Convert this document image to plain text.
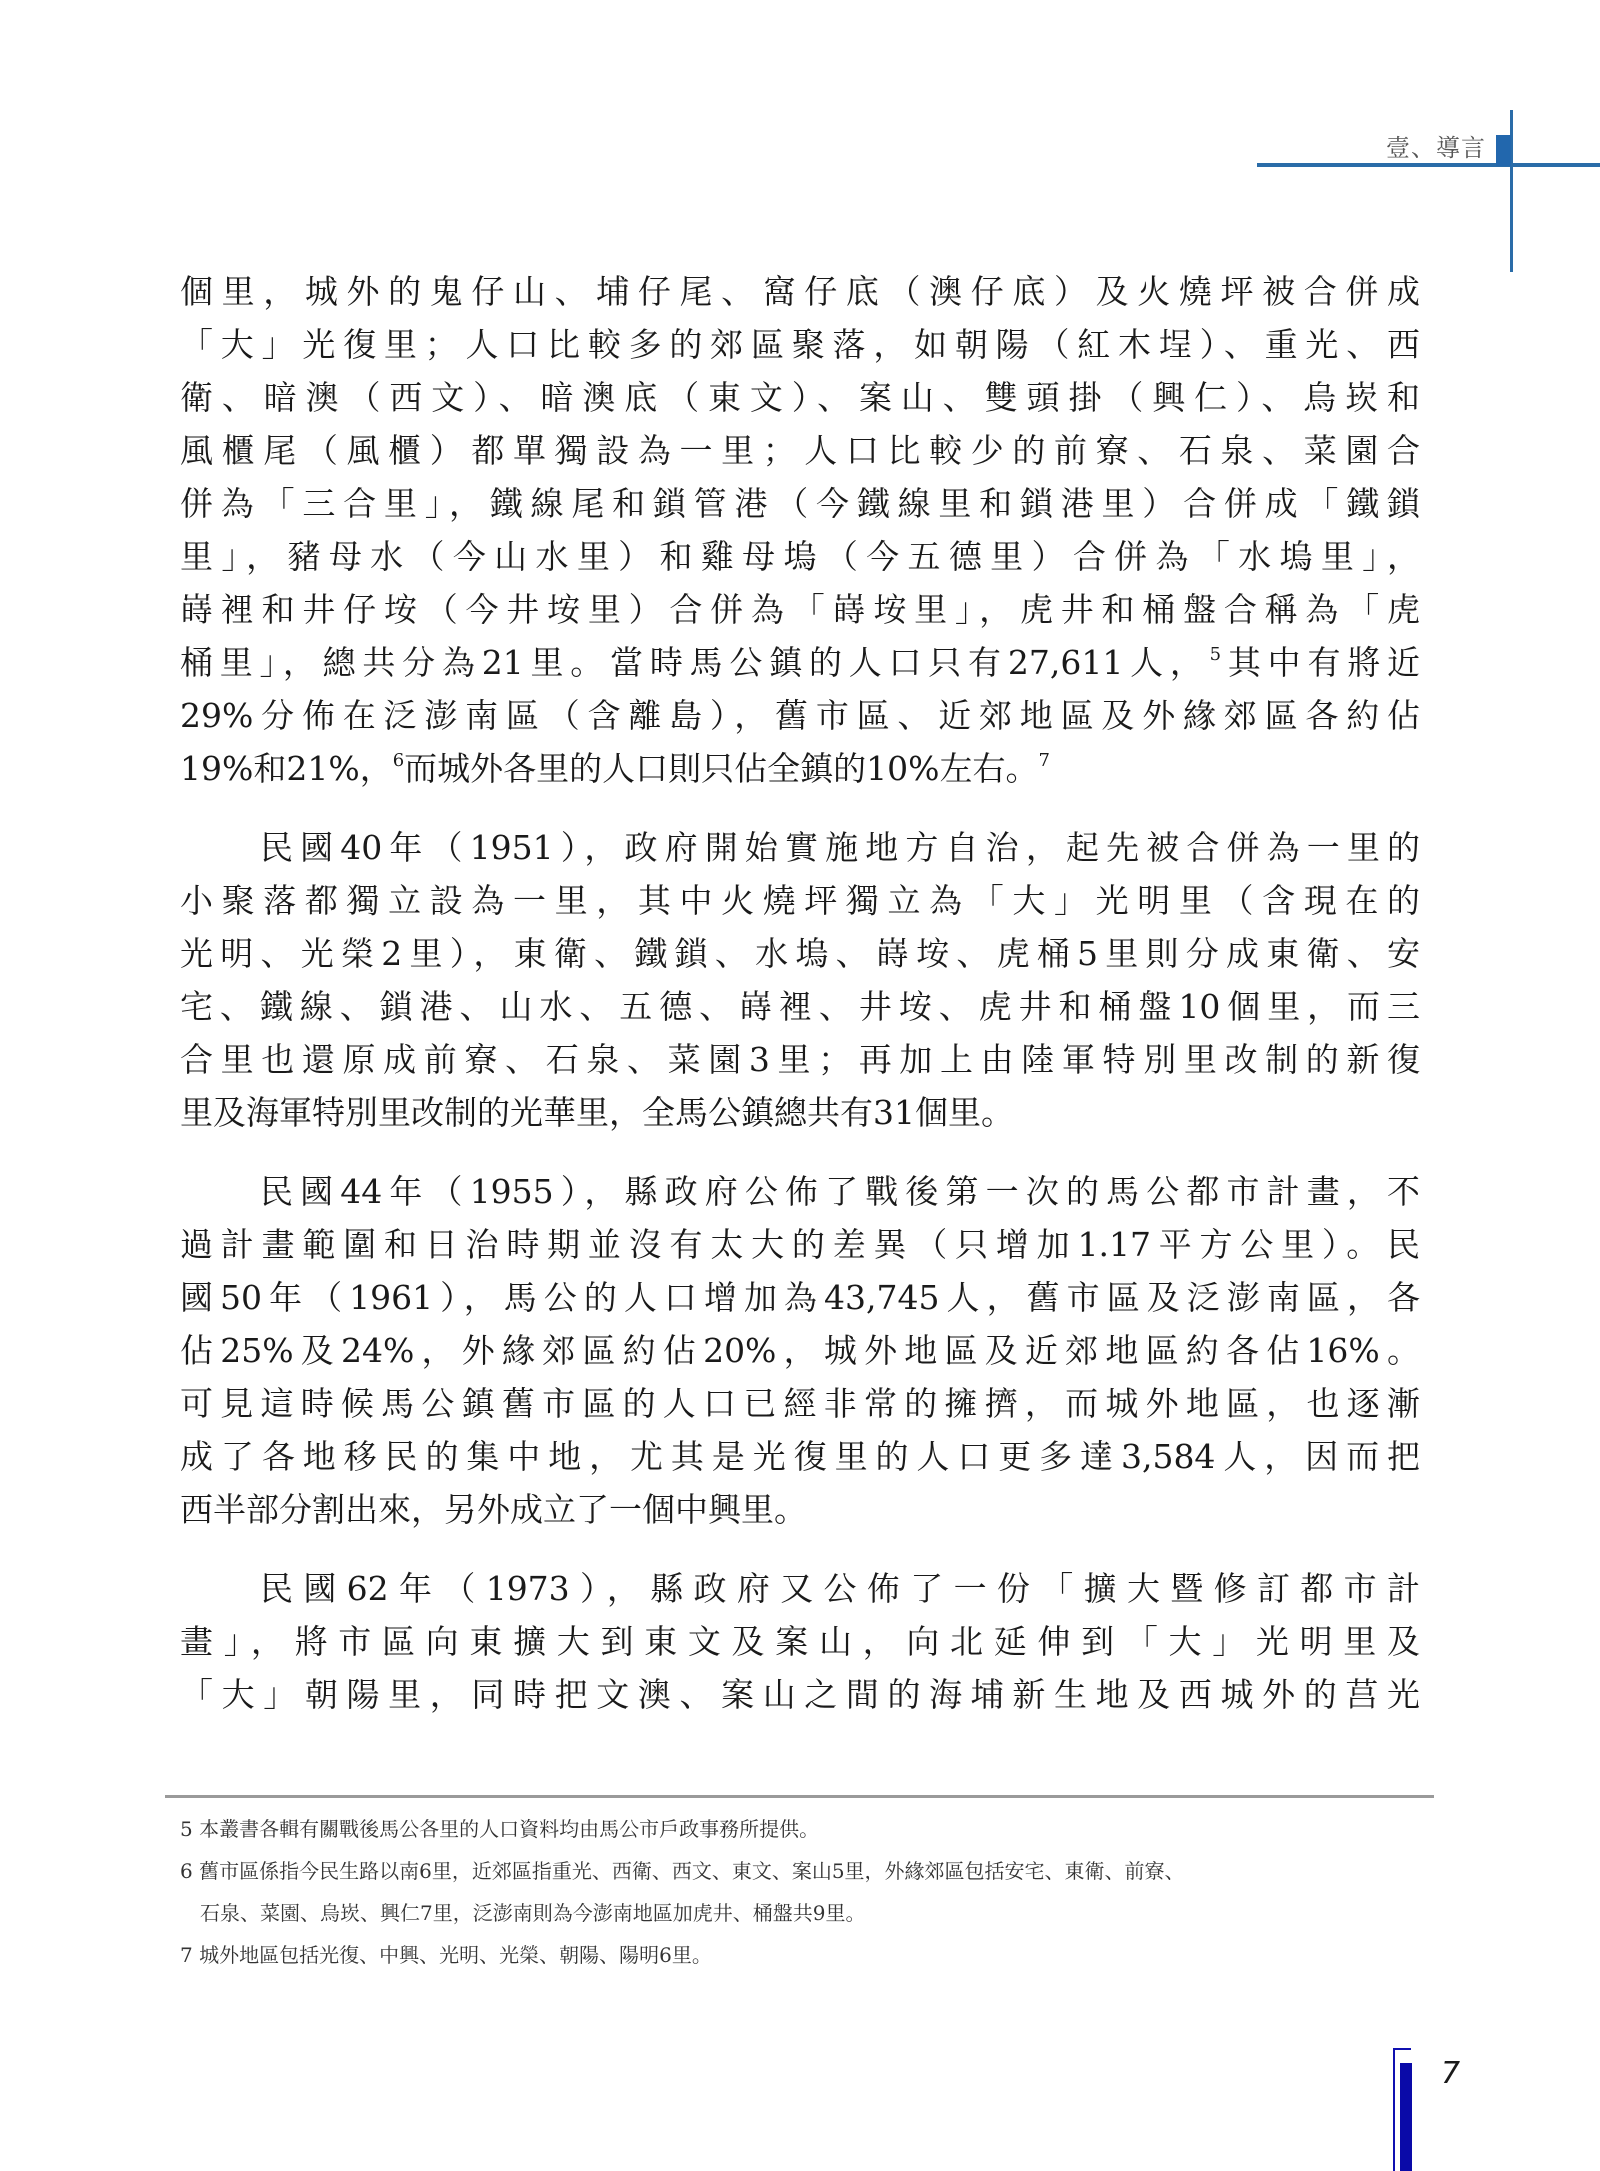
壹、導言
個里，城外的鬼仔山、埔仔尾、窩仔底（澳仔底）及火燒坪被合併成
「大」光復里；人口比較多的郊區聚落，如朝陽（紅木埕）、重光、西
衛、暗澳（西文）、暗澳底（東文）、案山、雙頭掛（興仁）、烏崁和
風櫃尾（風櫃）都單獨設為一里；人口比較少的前寮、石泉、菜園合
併為「三合里」，鐵線尾和鎖管港（今鐵線里和鎖港里）合併成「鐵鎖
里」，豬母水（今山水里）和雞母塢（今五德里）合併為「水塢里」，
嵵裡和井仔垵（今井垵里）合併為「嵵垵里」，虎井和桶盤合稱為「虎
桶里」，總共分為21里。當時馬公鎮的人口只有27,611人，$^5$其中有將近
29%分佈在泛澎南區（含離島），舊市區、近郊地區及外緣郊區各約佔
19%和21%，$^6$而城外各里的人口則只佔全鎮的10%左右。$^7$
民國40年（1951），政府開始實施地方自治，起先被合併為一里的
小聚落都獨立設為一里，其中火燒坪獨立為「大」光明里（含現在的
光明、光榮2里），東衛、鐵鎖、水塢、嵵垵、虎桶5里則分成東衛、安
宅、鐵線、鎖港、山水、五德、嵵裡、井垵、虎井和桶盤10個里，而三
合里也還原成前寮、石泉、菜園3里；再加上由陸軍特別里改制的新復
里及海軍特別里改制的光華里，全馬公鎮總共有31個里。
民國44年（1955），縣政府公佈了戰後第一次的馬公都市計畫，不
過計畫範圍和日治時期並沒有太大的差異（只增加1.17平方公里）。民
國50年（1961），馬公的人口增加為43,745人，舊市區及泛澎南區，各
佔25%及24%，外緣郊區約佔20%，城外地區及近郊地區約各佔16%。
可見這時候馬公鎮舊市區的人口已經非常的擁擠，而城外地區，也逐漸
成了各地移民的集中地，尤其是光復里的人口更多達3,584人，因而把
西半部分割出來，另外成立了一個中興里。
民國62年（1973），縣政府又公佈了一份「擴大暨修訂都市計
畫」，將市區向東擴大到東文及案山，向北延伸到「大」光明里及
「大」朝陽里，同時把文澳、案山之間的海埔新生地及西城外的莒光
5 本叢書各輯有關戰後馬公各里的人口資料均由馬公市戶政事務所提供。
6 舊市區係指今民生路以南6里，近郊區指重光、西衛、西文、東文、案山5里，外緣郊區包括安宅、東衛、前寮、
石泉、菜園、烏崁、興仁7里，泛澎南則為今澎南地區加虎井、桶盤共9里。
7 城外地區包括光復、中興、光明、光榮、朝陽、陽明6里。
7
